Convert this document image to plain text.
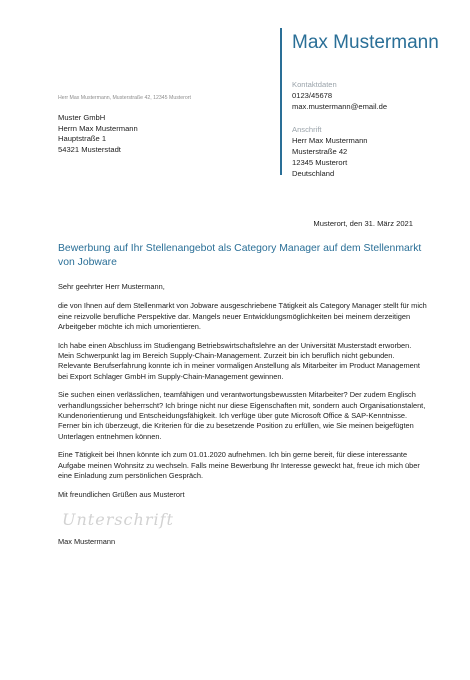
Max Mustermann
Kontaktdaten
0123/45678
max.mustermann@email.de
Anschrift
Herr Max Mustermann
Musterstraße 42
12345 Musterort
Deutschland
Herr Max Mustermann, Musterstraße 42, 12345 Musterort
Muster GmbH
Herrn Max Mustermann
Hauptstraße 1
54321 Musterstadt
Musterort, den 31. März 2021
Bewerbung auf Ihr Stellenangebot als Category Manager auf dem Stellenmarkt von Jobware

Sehr geehrter Herr Mustermann,

die von Ihnen auf dem Stellenmarkt von Jobware ausgeschriebene Tätigkeit als Category Manager stellt für mich eine reizvolle berufliche Perspektive dar. Mangels neuer Entwicklungsmöglichkeiten bei meinem derzeitigen Arbeitgeber möchte ich mich umorientieren.

Ich habe einen Abschluss im Studiengang Betriebswirtschaftslehre an der Universität Musterstadt erworben. Mein Schwerpunkt lag im Bereich Supply-Chain-Management. Zurzeit bin ich beruflich nicht gebunden. Relevante Berufserfahrung konnte ich in meiner vormaligen Anstellung als Mitarbeiter im Product Management bei Export Schlager GmbH im Supply-Chain-Management gewinnen.

Sie suchen einen verlässlichen, teamfähigen und verantwortungsbewussten Mitarbeiter? Der zudem Englisch verhandlungssicher beherrscht? Ich bringe nicht nur diese Eigenschaften mit, sondern auch Organisationstalent, Kundenorientierung und Entscheidungsfähigkeit. Ich verfüge über gute Microsoft Office & SAP-Kenntnisse. Ferner bin ich überzeugt, die Kriterien für die zu besetzende Position zu erfüllen, wie Sie meinen beigefügten Unterlagen entnehmen können.

Eine Tätigkeit bei Ihnen könnte ich zum 01.01.2020 aufnehmen. Ich bin gerne bereit, für diese interessante Aufgabe meinen Wohnsitz zu wechseln. Falls meine Bewerbung Ihr Interesse geweckt hat, freue ich mich über eine Einladung zum persönlichen Gespräch.

Mit freundlichen Grüßen aus Musterort

Unterschrift
Max Mustermann
